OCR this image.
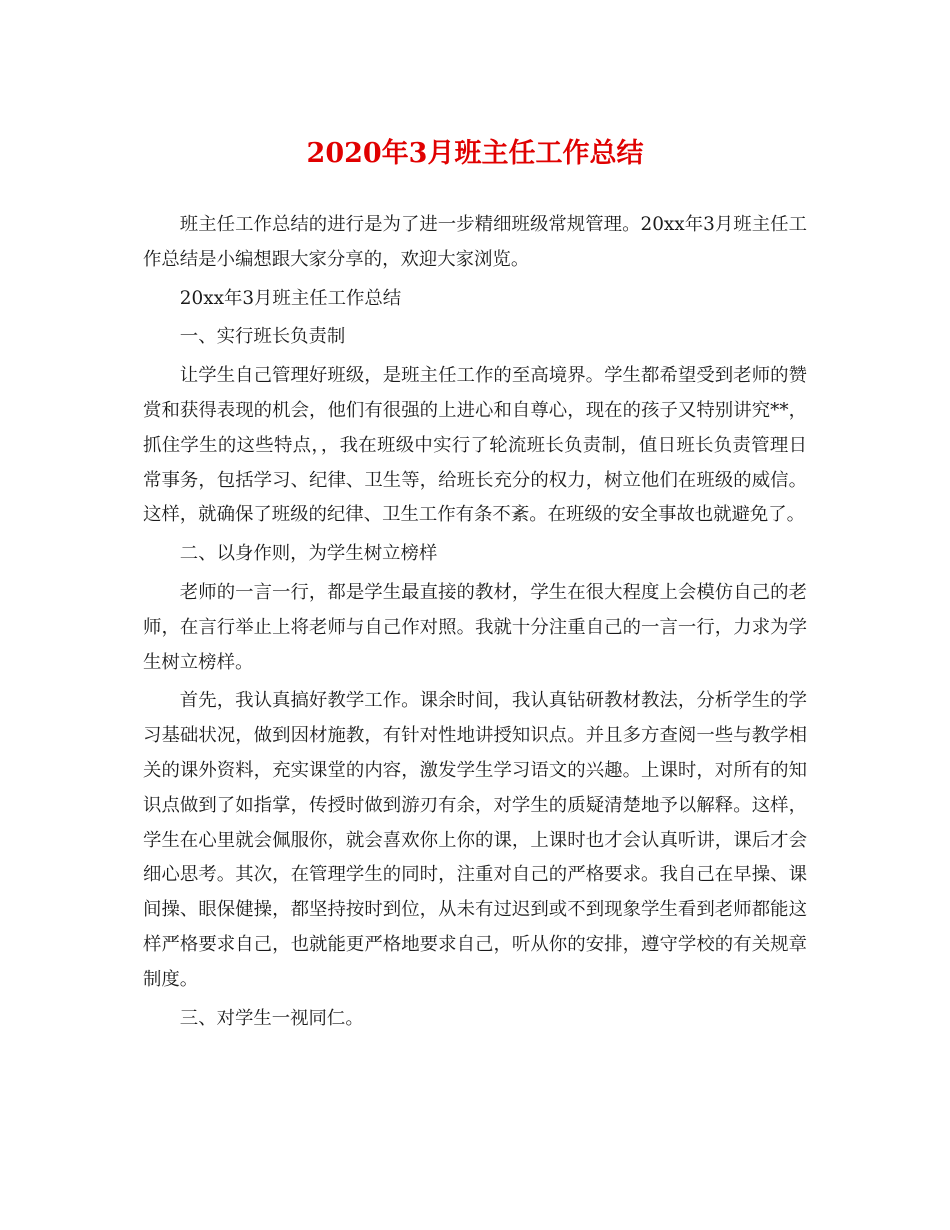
2020年3月班主任工作总结

班主任工作总结的进行是为了进一步精细班级常规管理。20xx年3月班主任工作总结是小编想跟大家分享的，欢迎大家浏览。

20xx年3月班主任工作总结

一、实行班长负责制

让学生自己管理好班级，是班主任工作的至高境界。学生都希望受到老师的赞赏和获得表现的机会，他们有很强的上进心和自尊心，现在的孩子又特别讲究**，抓住学生的这些特点，，我在班级中实行了轮流班长负责制，值日班长负责管理日常事务，包括学习、纪律、卫生等，给班长充分的权力，树立他们在班级的威信。这样，就确保了班级的纪律、卫生工作有条不紊。在班级的安全事故也就避免了。

二、以身作则，为学生树立榜样

老师的一言一行，都是学生最直接的教材，学生在很大程度上会模仿自己的老师，在言行举止上将老师与自己作对照。我就十分注重自己的一言一行，力求为学生树立榜样。

首先，我认真搞好教学工作。课余时间，我认真钻研教材教法，分析学生的学习基础状况，做到因材施教，有针对性地讲授知识点。并且多方查阅一些与教学相关的课外资料，充实课堂的内容，激发学生学习语文的兴趣。上课时，对所有的知识点做到了如指掌，传授时做到游刃有余，对学生的质疑清楚地予以解释。这样，学生在心里就会佩服你，就会喜欢你上你的课，上课时也才会认真听讲，课后才会细心思考。其次，在管理学生的同时，注重对自己的严格要求。我自己在早操、课间操、眼保健操，都坚持按时到位，从未有过迟到或不到现象学生看到老师都能这样严格要求自己，也就能更严格地要求自己，听从你的安排，遵守学校的有关规章制度。

三、对学生一视同仁。
